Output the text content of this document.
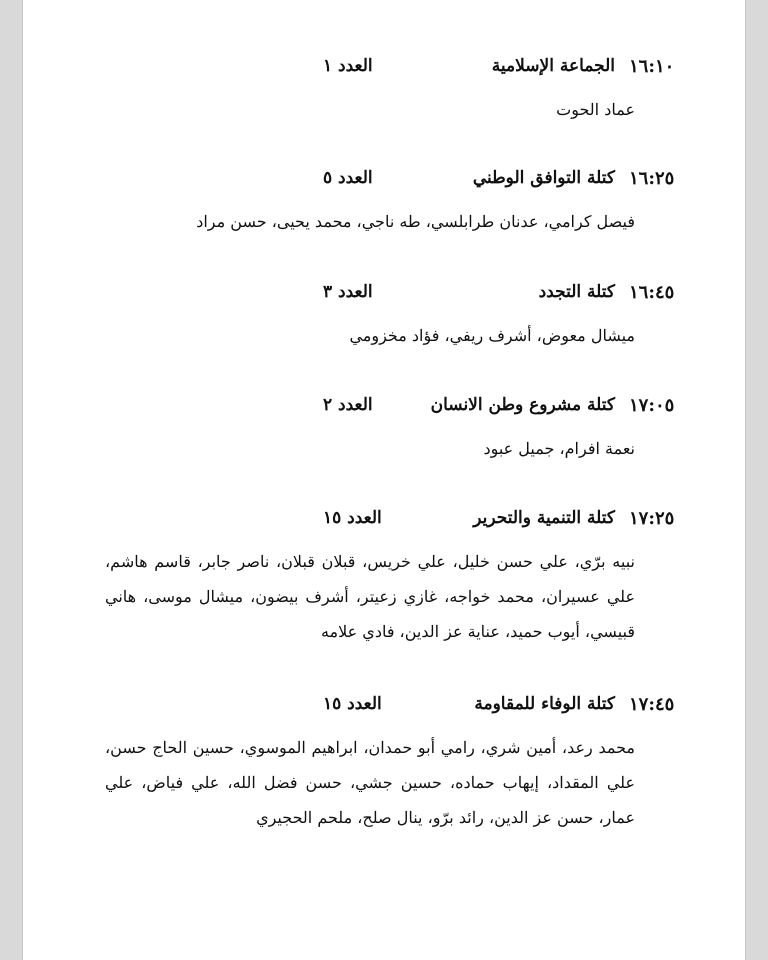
١٦:١٠
الجماعة الإسلامية
العدد ١
عماد الحوت
١٦:٢٥
كتلة التوافق الوطني
العدد ٥
فيصل كرامي، عدنان طرابلسي، طه ناجي، محمد يحيى، حسن مراد
١٦:٤٥
كتلة التجدد
العدد ٣
ميشال معوض، أشرف ريفي، فؤاد مخزومي
١٧:٠٥
كتلة مشروع وطن الانسان
العدد ٢
نعمة افرام، جميل عبود
١٧:٢٥
كتلة التنمية والتحرير
العدد ١٥
نبيه برّي، علي حسن خليل، علي خريس، قبلان قبلان، ناصر جابر، قاسم هاشم، علي عسيران، محمد خواجه، غازي زعيتر، أشرف بيضون، ميشال موسى، هاني قبيسي، أيوب حميد، عناية عز الدين، فادي علامه
١٧:٤٥
كتلة الوفاء للمقاومة
العدد ١٥
محمد رعد، أمين شري، رامي أبو حمدان، ابراهيم الموسوي، حسين الحاج حسن، علي المقداد، إيهاب حماده، حسين جشي، حسن فضل الله، علي فياض، علي عمار، حسن عز الدين، رائد برّو، ينال صلح، ملحم الحجيري
